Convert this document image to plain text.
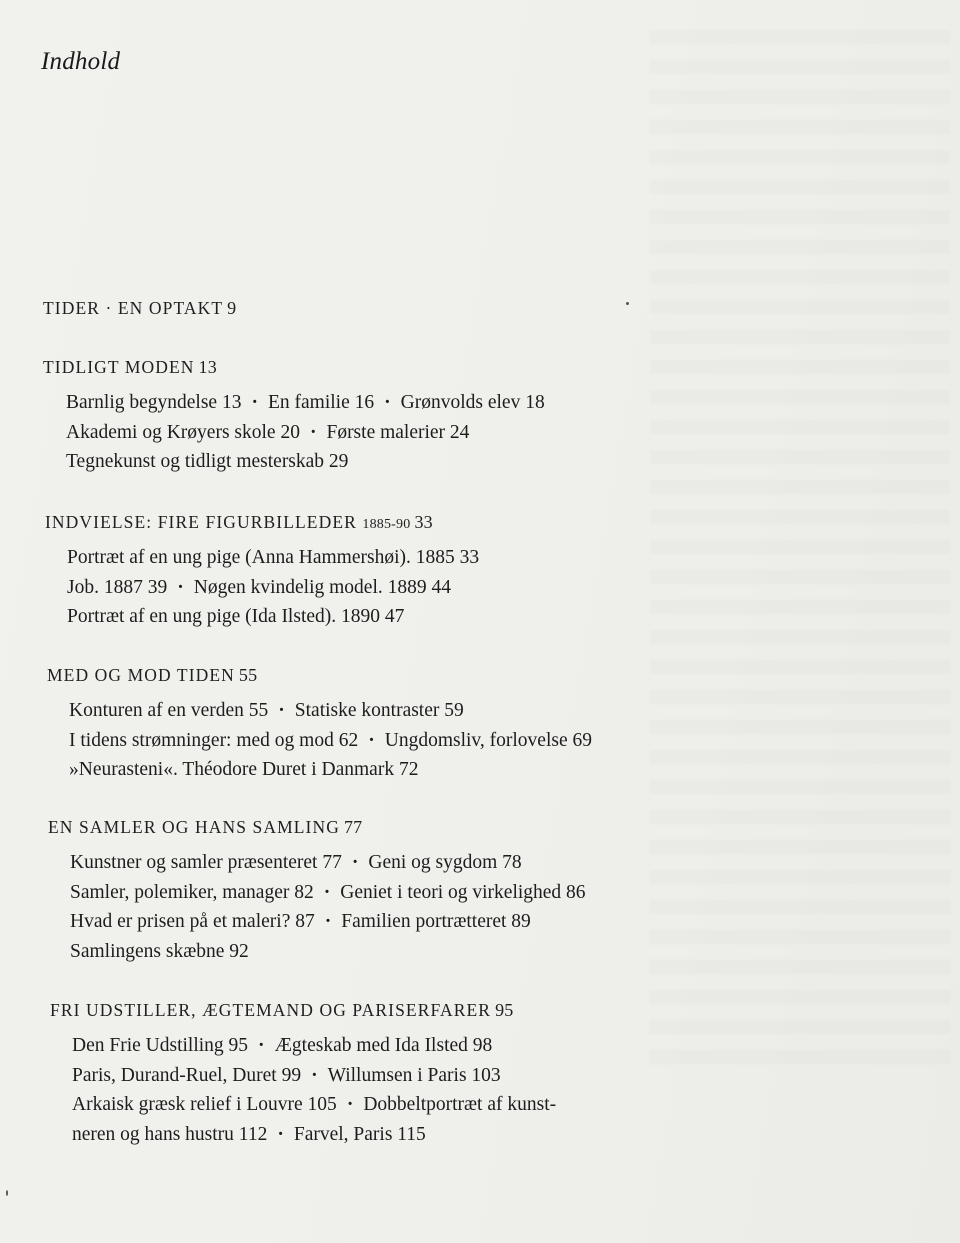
Indhold
TIDER · EN OPTAKT 9
TIDLIGT MODEN 13
Barnlig begyndelse 13 · En familie 16 · Grønvolds elev 18
Akademi og Krøyers skole 20 · Første malerier 24
Tegnekunst og tidligt mesterskab 29
INDVIELSE: FIRE FIGURBILLEDER 1885-90 33
Portræt af en ung pige (Anna Hammershøi). 1885 33
Job. 1887 39 · Nøgen kvindelig model. 1889 44
Portræt af en ung pige (Ida Ilsted). 1890 47
MED OG MOD TIDEN 55
Konturen af en verden 55 · Statiske kontraster 59
I tidens strømninger: med og mod 62 · Ungdomsliv, forlovelse 69
»Neurasteni«. Théodore Duret i Danmark 72
EN SAMLER OG HANS SAMLING 77
Kunstner og samler præsenteret 77 · Geni og sygdom 78
Samler, polemiker, manager 82 · Geniet i teori og virkelighed 86
Hvad er prisen på et maleri? 87 · Familien portrætteret 89
Samlingens skæbne 92
FRI UDSTILLER, ÆGTEMAND OG PARISERFARER 95
Den Frie Udstilling 95 · Ægteskab med Ida Ilsted 98
Paris, Durand-Ruel, Duret 99 · Willumsen i Paris 103
Arkaisk græsk relief i Louvre 105 · Dobbeltportræt af kunst-
neren og hans hustru 112 · Farvel, Paris 115
